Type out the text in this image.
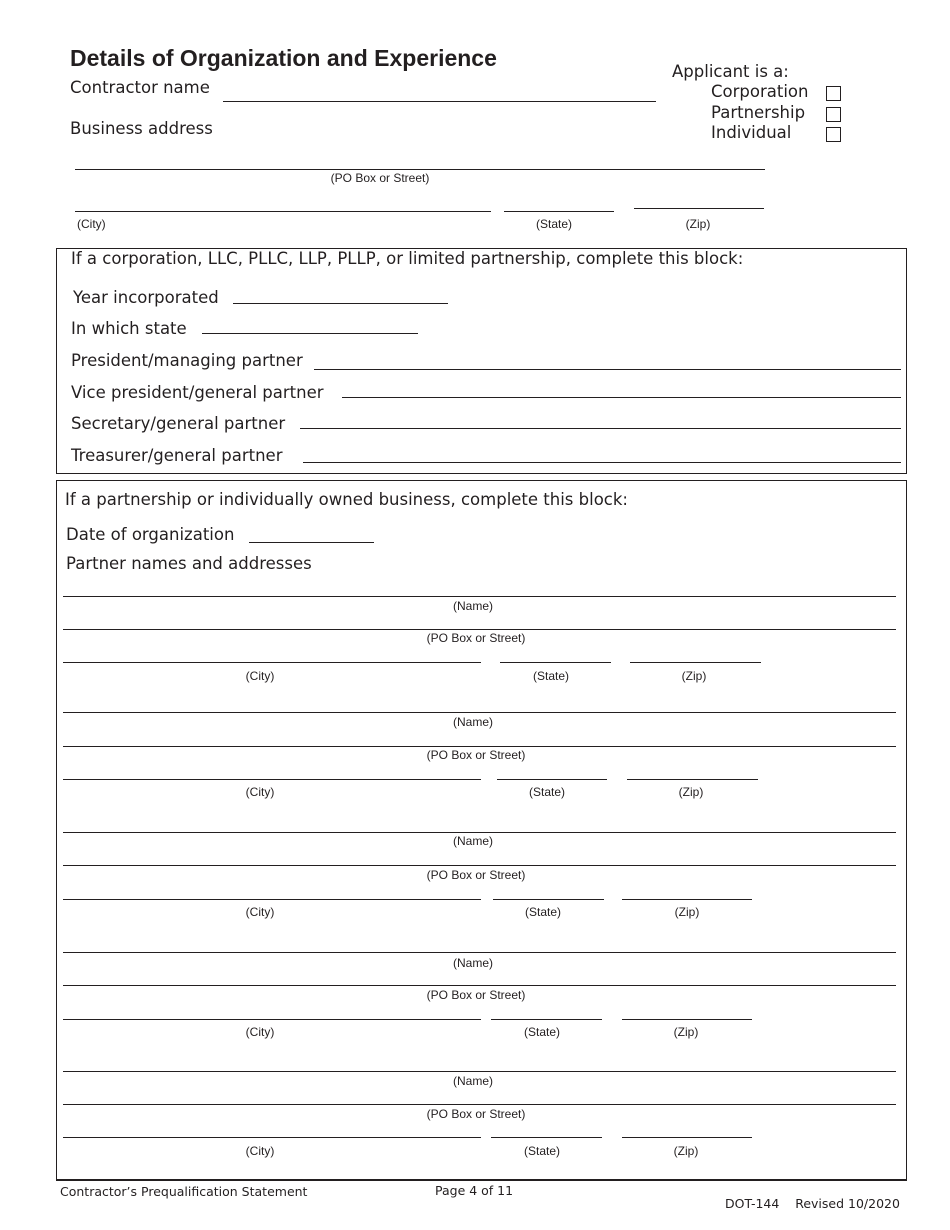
Details of Organization and Experience
Contractor name
Business address
Applicant is a:
Corporation
Partnership
Individual
(PO Box or Street)
(City)	(State)	(Zip)
If a corporation, LLC, PLLC, LLP, PLLP, or limited partnership, complete this block:
Year incorporated
In which state
President/managing partner
Vice president/general partner
Secretary/general partner
Treasurer/general partner
If a partnership or individually owned business, complete this block:
Date of organization
Partner names and addresses
(Name)
(PO Box or Street)
(City)	(State)	(Zip)
(Name)
(PO Box or Street)
(City)	(State)	(Zip)
(Name)
(PO Box or Street)
(City)	(State)	(Zip)
(Name)
(PO Box or Street)
(City)	(State)	(Zip)
(Name)
(PO Box or Street)
(City)	(State)	(Zip)
Contractor’s Prequalification Statement	Page 4 of 11
DOT-144    Revised 10/2020
